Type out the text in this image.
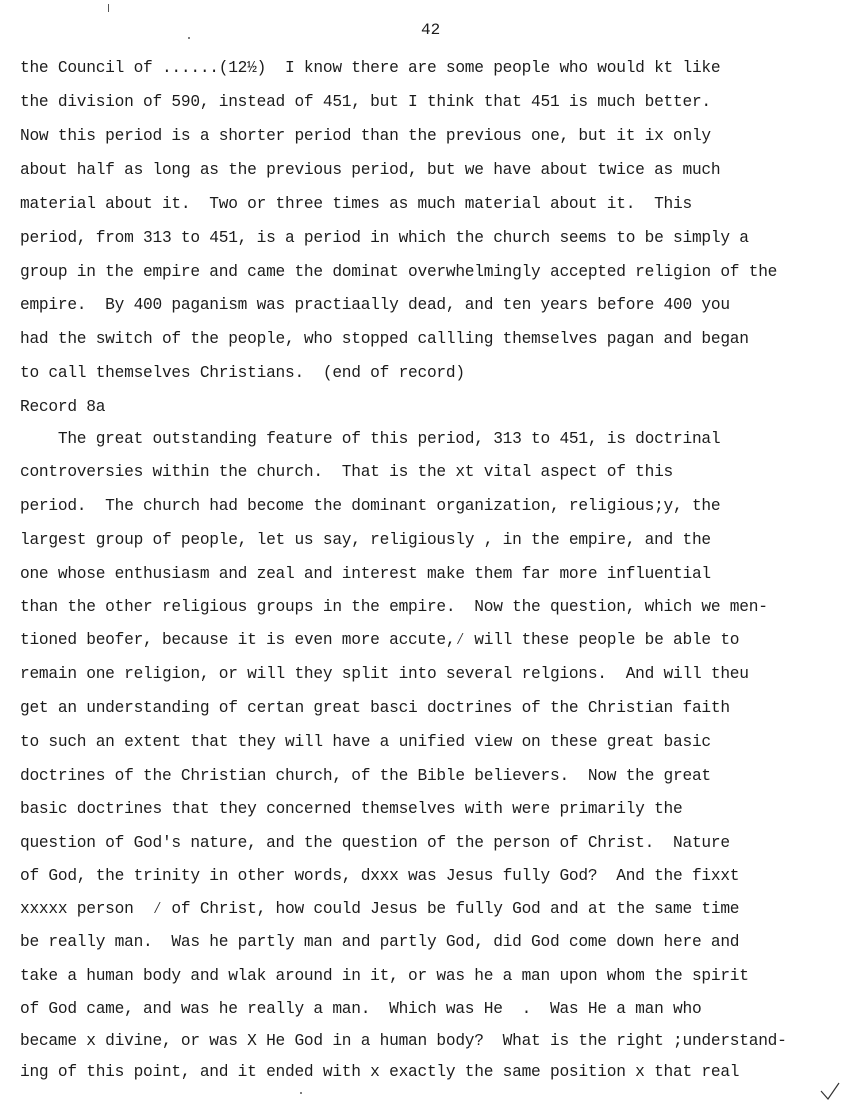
42
the Council of ......(12½)  I know there are some people who would kt like
the division of 590, instead of 451, but I think that 451 is much better.
Now this period is a shorter period than the previous one, but it ix only
about half as long as the previous period, but we have about twice as much
material about it.  Two or three times as much material about it.  This
period, from 313 to 451, is a period in which the church seems to be simply a
group in the empire and came the dominat overwhelmingly accepted religion of the
empire.  By 400 paganism was practiaally dead, and ten years before 400 you
had the switch of the people, who stopped callling themselves pagan and began
to call themselves Christians.  (end of record)
Record 8a
The great outstanding feature of this period, 313 to 451, is doctrinal
controversies within the church.  That is the xt vital aspect of this
period.  The church had become the dominant organization, religious;y, the
largest group of people, let us say, religiously , in the empire, and the
one whose enthusiasm and zeal and interest make them far more influential
than the other religious groups in the empire.  Now the question, which we men-
tioned beofer, because it is even more accute,⁄ will these people be able to
remain one religion, or will they split into several relgions.  And will theu
get an understanding of certan great basci doctrines of the Christian faith
to such an extent that they will have a unified view on these great basic
doctrines of the Christian church, of the Bible believers.  Now the great
basic doctrines that they concerned themselves with were primarily the
question of God's nature, and the question of the person of Christ.  Nature
of God, the trinity in other words, dxxx was Jesus fully God?  And the fixxt
xxxxx person  ⁄ of Christ, how could Jesus be fully God and at the same time
be really man.  Was he partly man and partly God, did God come down here and
take a human body and wlak around in it, or was he a man upon whom the spirit
of God came, and was he really a man.  Which was He  .  Was He a man who
became x divine, or was X He God in a human body?  What is the right ;understand-
ing of this point, and it ended with x exactly the same position x that real
